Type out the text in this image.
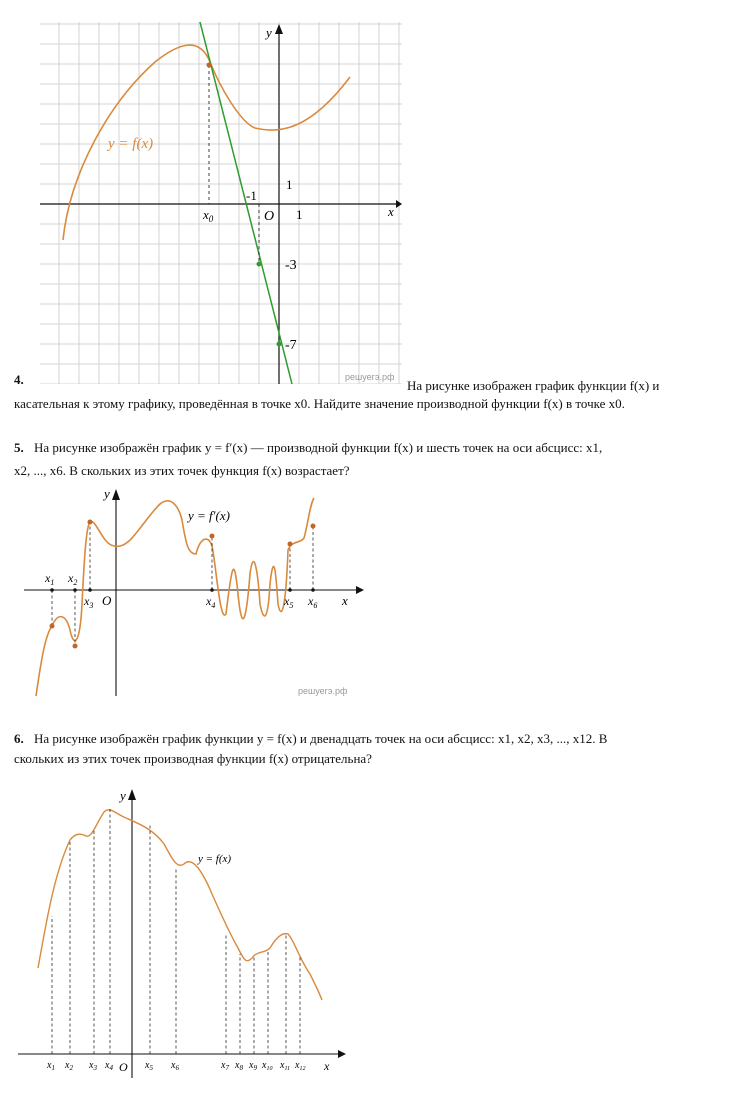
y = f(x)
y
x
O
$x_0$
-1
1
1
-3
-7
решуегэ.рф
4.	На рисунке изображен график функции f(x) и
касательная к этому графику, проведённая в точке x0. Найдите значение производной функции f(x) в точке x0.
5. На рисунке изображён график y = f′(x) — производной функции f(x) и шесть точек на оси абсцисс: x1,
x2, ..., x6. В скольких из этих точек функция f(x) возрастает?
y = f′(x)
y
x
O
$x_1$ $x_2$
$x_3$	$x_4$	$x_5$ $x_6$
решуегэ.рф
6. На рисунке изображён график функции y = f(x) и двенадцать точек на оси абсцисс: x1, x2, x3, ..., x12. В
скольких из этих точек производная функции f(x) отрицательна?
y = f(x)
y
x
O
$x_1$ $x_2$ $x_3$ $x_4$	$x_5$ $x_6$	$x_7$ $x_8$ $x_9$ $x_{10}$ $x_{11}$ $x_{12}$
